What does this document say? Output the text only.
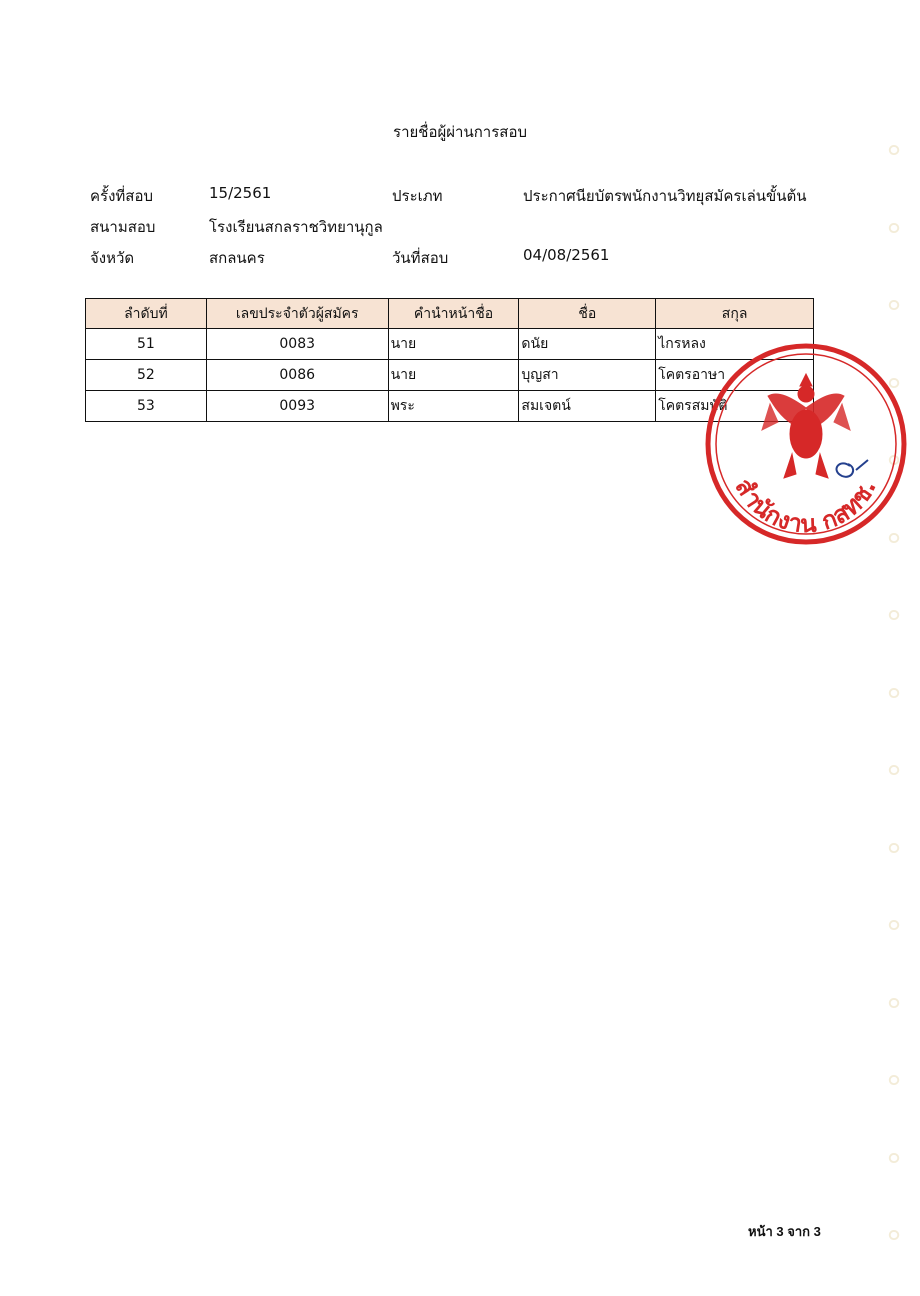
รายชื่อผู้ผ่านการสอบ
ครั้งที่สอบ	15/2561	ประเภท	ประกาศนียบัตรพนักงานวิทยุสมัครเล่นขั้นต้น
สนามสอบ	โรงเรียนสกลราชวิทยานุกูล
จังหวัด	สกลนคร	วันที่สอบ	04/08/2561
ลำดับที่	เลขประจำตัวผู้สมัคร	คำนำหน้าชื่อ	ชื่อ	สกุล
51	0083	นาย	ดนัย	ไกรหลง
52	0086	นาย	บุญสา	โคตรอาษา
53	0093	พระ	สมเจตน์	โคตรสมบัติ
๐
๐
๐
๐
๐
๐
๐
๐
๐
๐
๐
๐
๐
๐
๐
สำนักงาน กสทช.
หน้า 3 จาก 3
